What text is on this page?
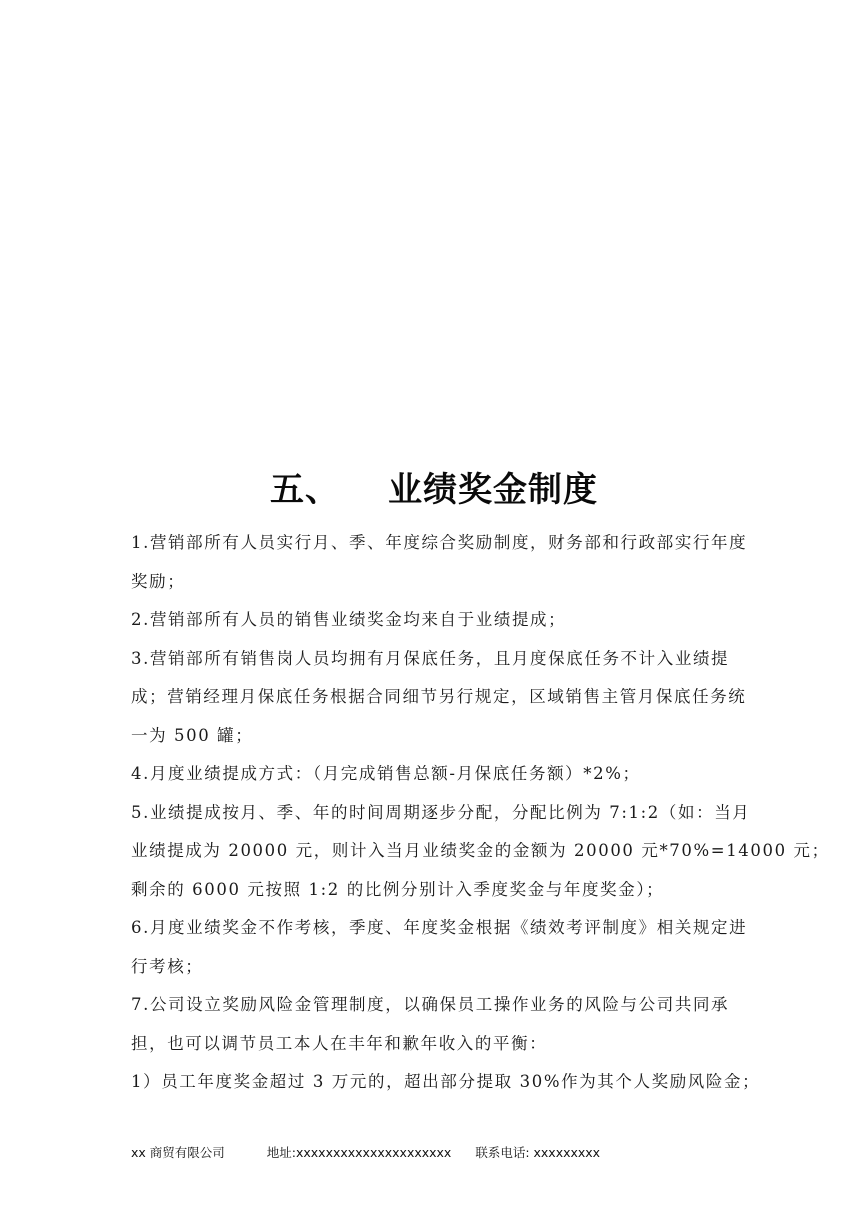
五、 业绩奖金制度

1.营销部所有人员实行月、季、年度综合奖励制度，财务部和行政部实行年度
奖励；

2.营销部所有人员的销售业绩奖金均来自于业绩提成；

3.营销部所有销售岗人员均拥有月保底任务，且月度保底任务不计入业绩提
成；营销经理月保底任务根据合同细节另行规定，区域销售主管月保底任务统
一为 500 罐；

4.月度业绩提成方式：（月完成销售总额-月保底任务额）*2%；

5.业绩提成按月、季、年的时间周期逐步分配，分配比例为 7:1:2（如：当月
业绩提成为 20000 元，则计入当月业绩奖金的金额为 20000 元*70%=14000 元；
剩余的 6000 元按照 1:2 的比例分别计入季度奖金与年度奖金）；

6.月度业绩奖金不作考核，季度、年度奖金根据《绩效考评制度》相关规定进
行考核；

7.公司设立奖励风险金管理制度，以确保员工操作业务的风险与公司共同承
担，也可以调节员工本人在丰年和歉年收入的平衡：

1）员工年度奖金超过 3 万元的，超出部分提取 30%作为其个人奖励风险金；

xx 商贸有限公司	地址:xxxxxxxxxxxxxxxxxxxxx 联系电话: xxxxxxxxx
